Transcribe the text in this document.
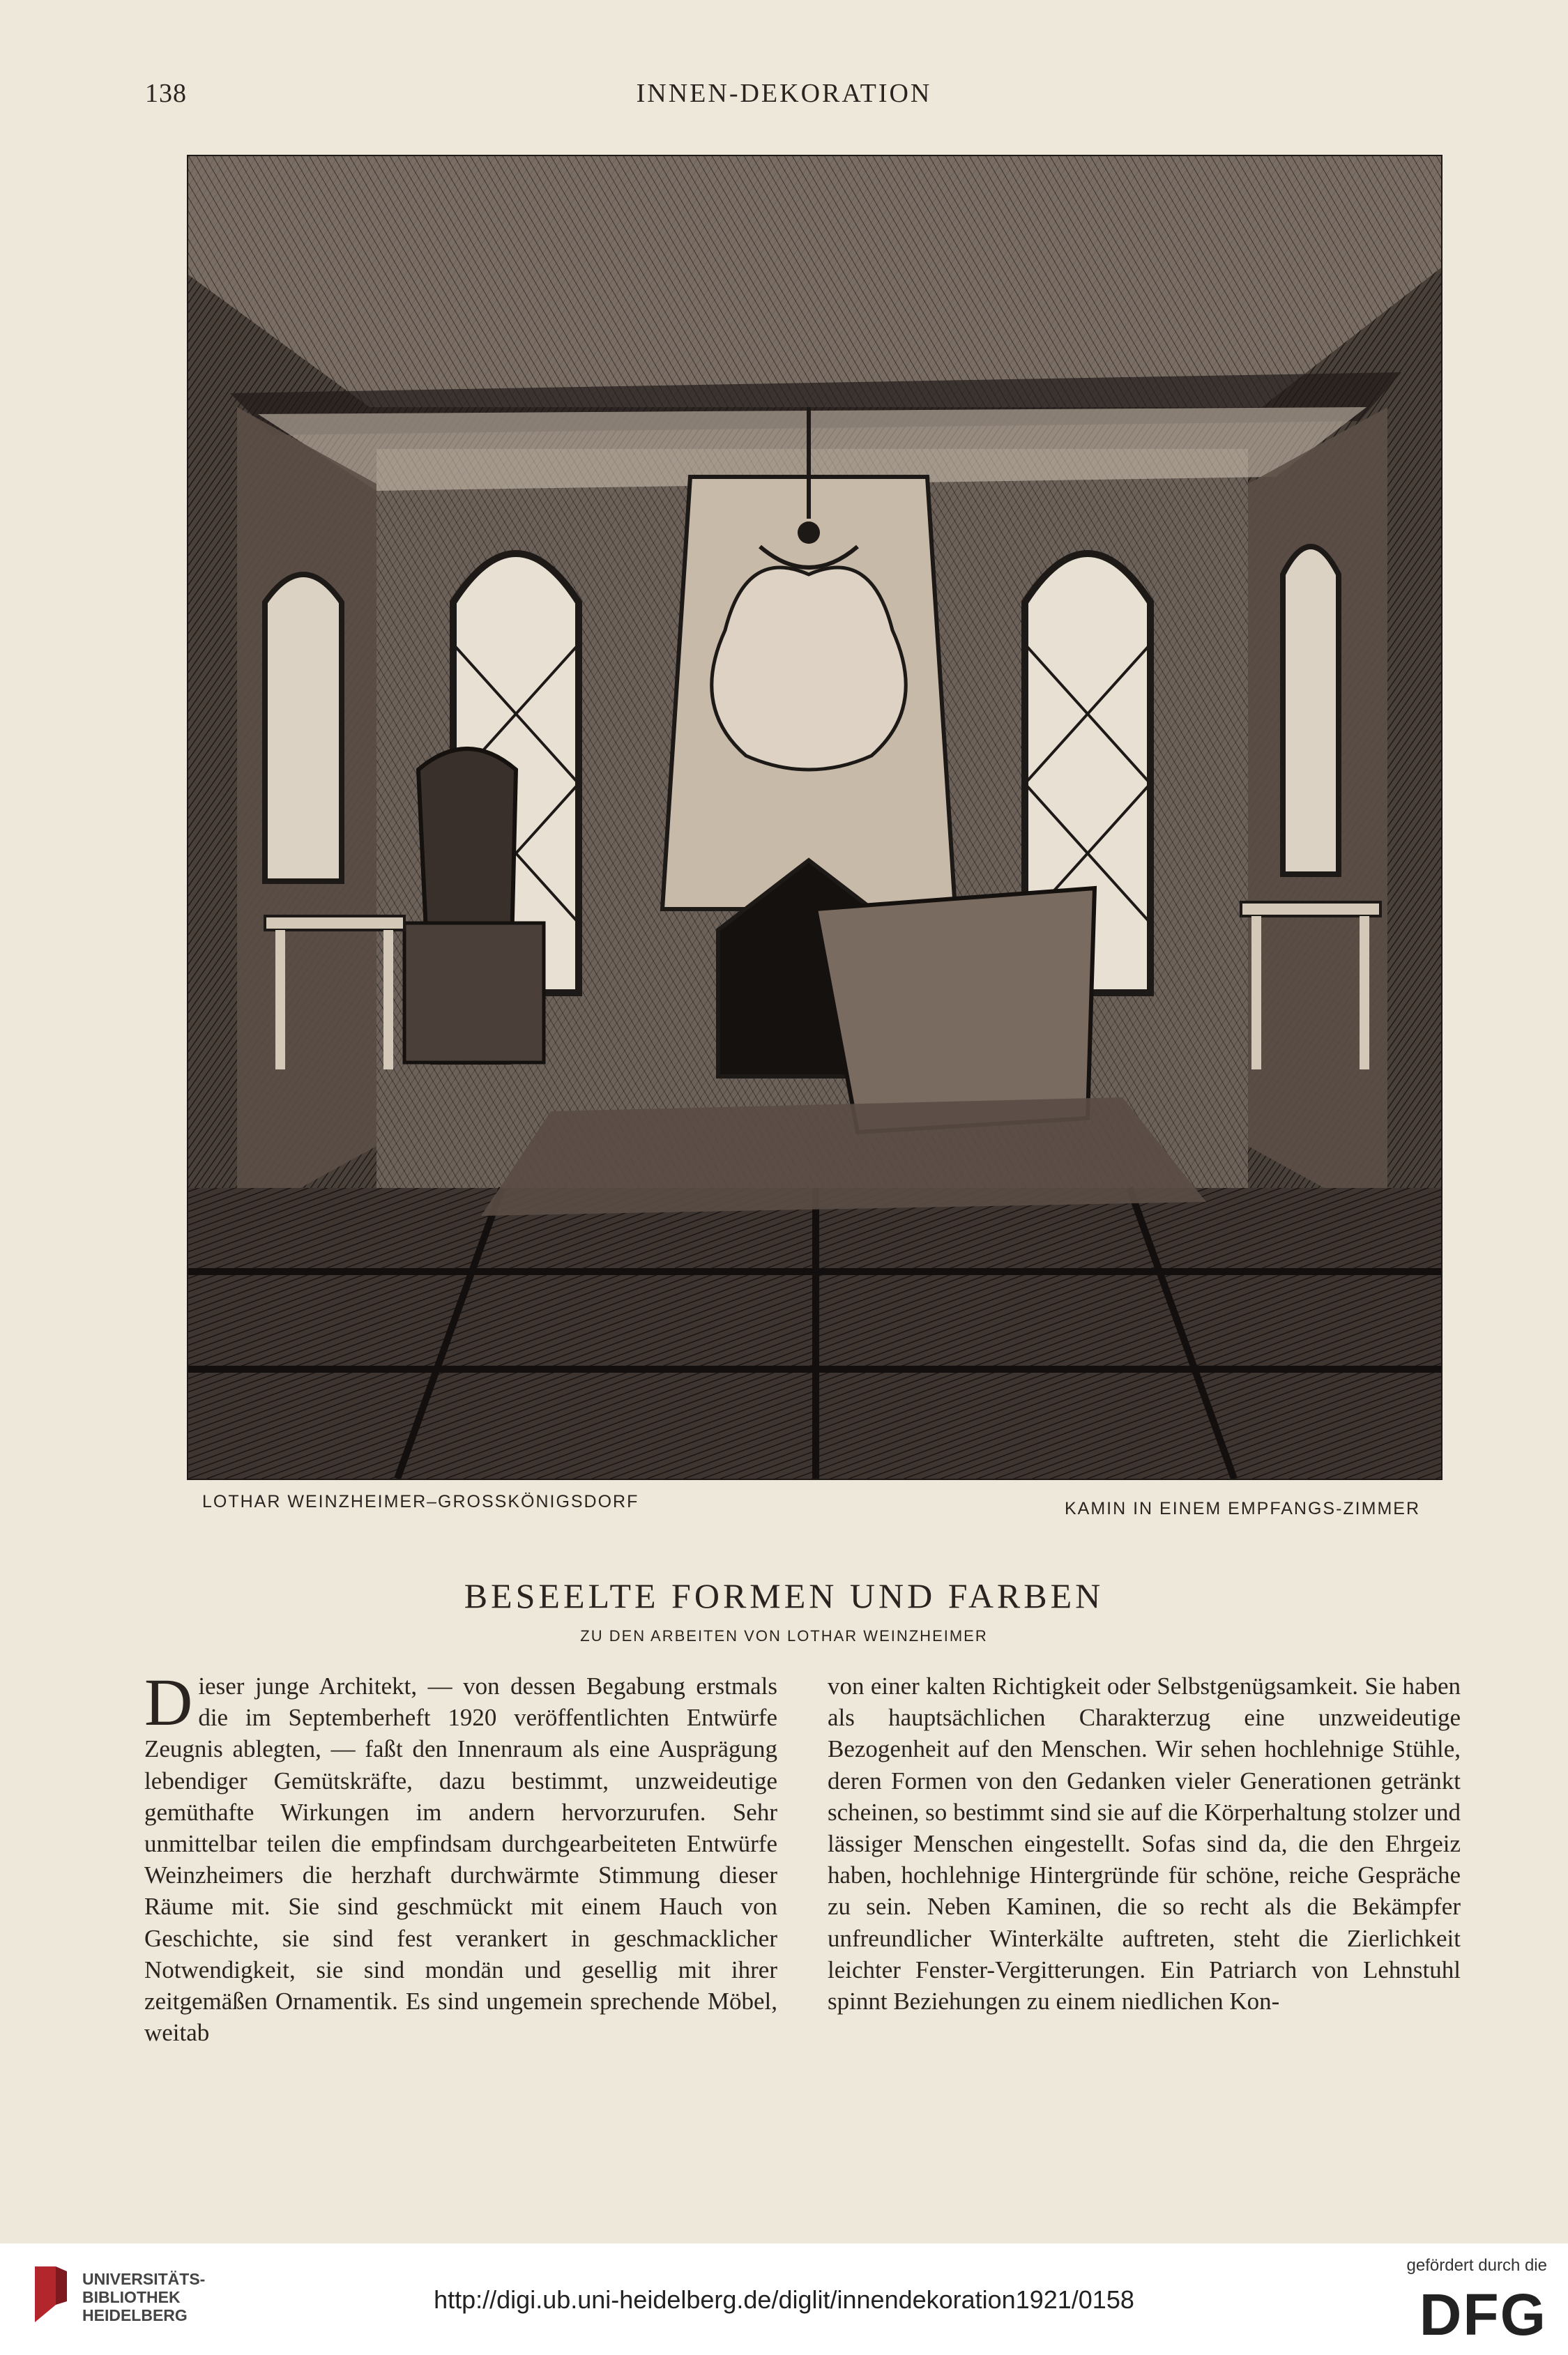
138	INNEN-DEKORATION
LOTHAR WEINZHEIMER–GROSSKÖNIGSDORF	KAMIN IN EINEM EMPFANGS-ZIMMER
BESEELTE FORMEN UND FARBEN
ZU DEN ARBEITEN VON LOTHAR WEINZHEIMER

Dieser junge Architekt, — von dessen Begabung erstmals die im Septemberheft 1920 veröffentlichten Entwürfe Zeugnis ablegten, — faßt den Innenraum als eine Ausprägung lebendiger Gemütskräfte, dazu bestimmt, unzweideutige gemüthafte Wirkungen im andern hervorzurufen. Sehr unmittelbar teilen die empfindsam durchgearbeiteten Entwürfe Weinzheimers die herzhaft durchwärmte Stimmung dieser Räume mit. Sie sind geschmückt mit einem Hauch von Geschichte, sie sind fest verankert in geschmacklicher Notwendigkeit, sie sind mondän und gesellig mit ihrer zeitgemäßen Ornamentik. Es sind ungemein sprechende Möbel, weitab

von einer kalten Richtigkeit oder Selbstgenügsamkeit. Sie haben als hauptsächlichen Charakterzug eine unzweideutige Bezogenheit auf den Menschen. Wir sehen hochlehnige Stühle, deren Formen von den Gedanken vieler Generationen getränkt scheinen, so bestimmt sind sie auf die Körperhaltung stolzer und lässiger Menschen eingestellt. Sofas sind da, die den Ehrgeiz haben, hochlehnige Hintergründe für schöne, reiche Gespräche zu sein. Neben Kaminen, die so recht als die Bekämpfer unfreundlicher Winterkälte auftreten, steht die Zierlichkeit leichter Fenster-Vergitterungen. Ein Patriarch von Lehnstuhl spinnt Beziehungen zu einem niedlichen Kon-

UNIVERSITÄTS-
BIBLIOTHEK
HEIDELBERG
http://digi.ub.uni-heidelberg.de/diglit/innendekoration1921/0158
gefördert durch die
DFG
